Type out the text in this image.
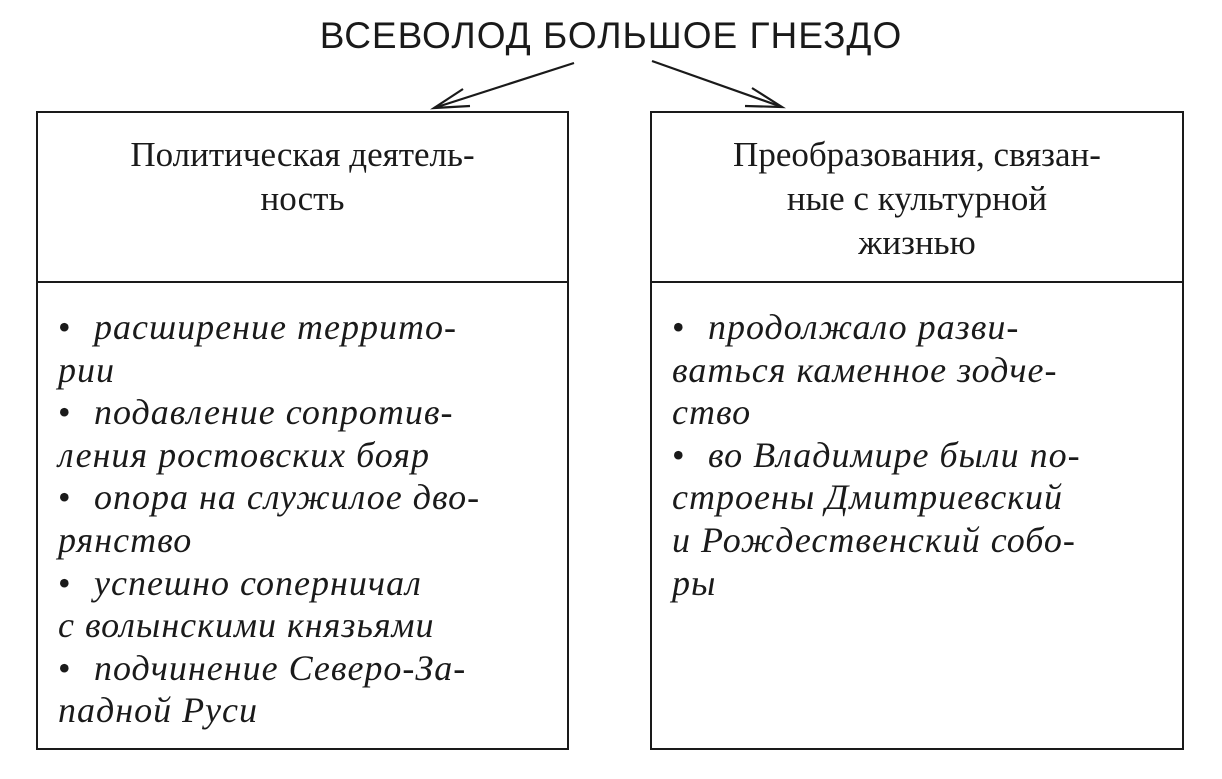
ВСЕВОЛОД БОЛЬШОЕ ГНЕЗДО
Политическая деятель-
ность
• расширение террито-
рии
• подавление сопротив-
ления ростовских бояр
• опора на служилое дво-
рянство
• успешно соперничал
с волынскими князьями
• подчинение Северо-За-
падной Руси
Преобразования, связан-
ные с культурной
жизнью
• продолжало разви-
ваться каменное зодче-
ство
• во Владимире были по-
строены Дмитриевский
и Рождественский собо-
ры
